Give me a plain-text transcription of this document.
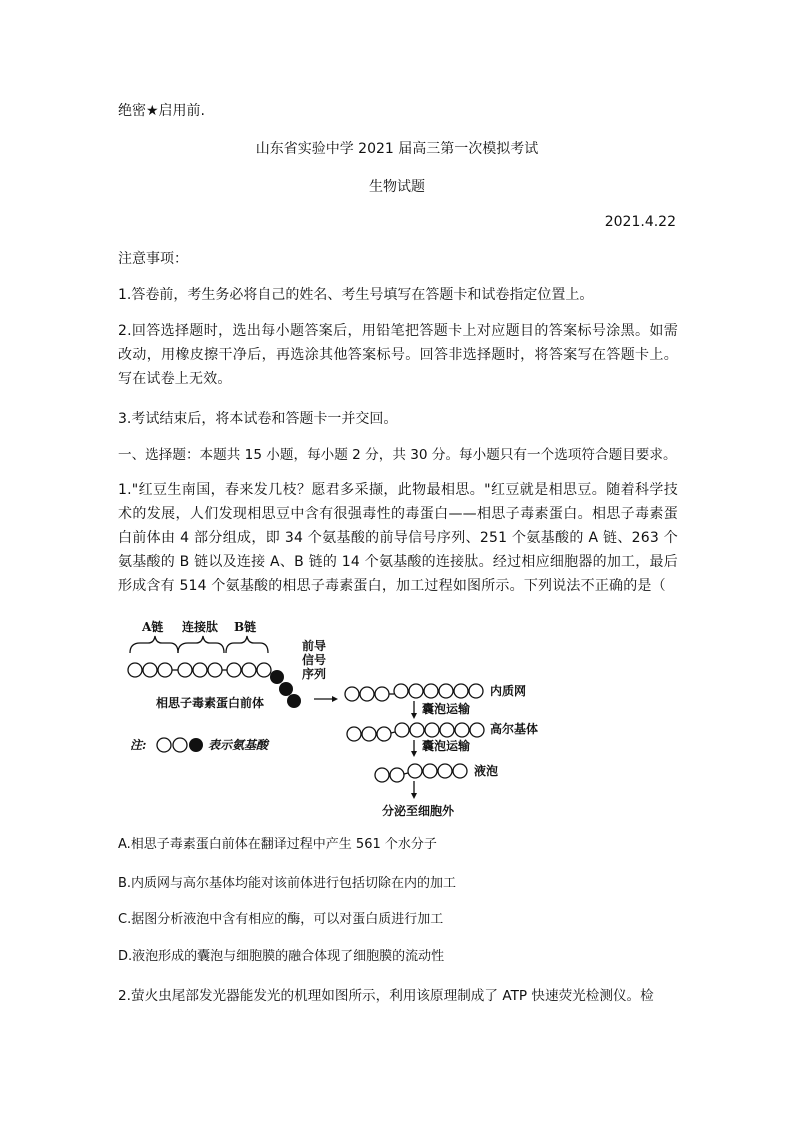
绝密★启用前.
山东省实验中学 2021 届高三第一次模拟考试
生物试题
2021.4.22
注意事项：
1.答卷前，考生务必将自己的姓名、考生号填写在答题卡和试卷指定位置上。
2.回答选择题时，选出每小题答案后，用铅笔把答题卡上对应题目的答案标号涂黑。如需改动，用橡皮擦干净后，再选涂其他答案标号。回答非选择题时，将答案写在答题卡上。写在试卷上无效。
3.考试结束后，将本试卷和答题卡一并交回。
一、选择题：本题共 15 小题，每小题 2 分，共 30 分。每小题只有一个选项符合题目要求。
1."红豆生南国，春来发几枝？愿君多采撷，此物最相思。"红豆就是相思豆。随着科学技术的发展，人们发现相思豆中含有很强毒性的毒蛋白——相思子毒素蛋白。相思子毒素蛋白前体由 4 部分组成，即 34 个氨基酸的前导信号序列、251 个氨基酸的 A 链、263 个氨基酸的 B 链以及连接 A、B 链的 14 个氨基酸的连接肽。经过相应细胞器的加工，最后形成含有 514 个氨基酸的相思子毒素蛋白，加工过程如图所示。下列说法不正确的是（
A链 连接肽 B链
前导
信号
序列
相思子毒素蛋白前体
内质网
囊泡运输
高尔基体
囊泡运输
液泡
分泌至细胞外
注:	表示氨基酸
A.相思子毒素蛋白前体在翻译过程中产生 561 个水分子
B.内质网与高尔基体均能对该前体进行包括切除在内的加工
C.据图分析液泡中含有相应的酶，可以对蛋白质进行加工
D.液泡形成的囊泡与细胞膜的融合体现了细胞膜的流动性
2.萤火虫尾部发光器能发光的机理如图所示，利用该原理制成了 ATP 快速荧光检测仪。检
